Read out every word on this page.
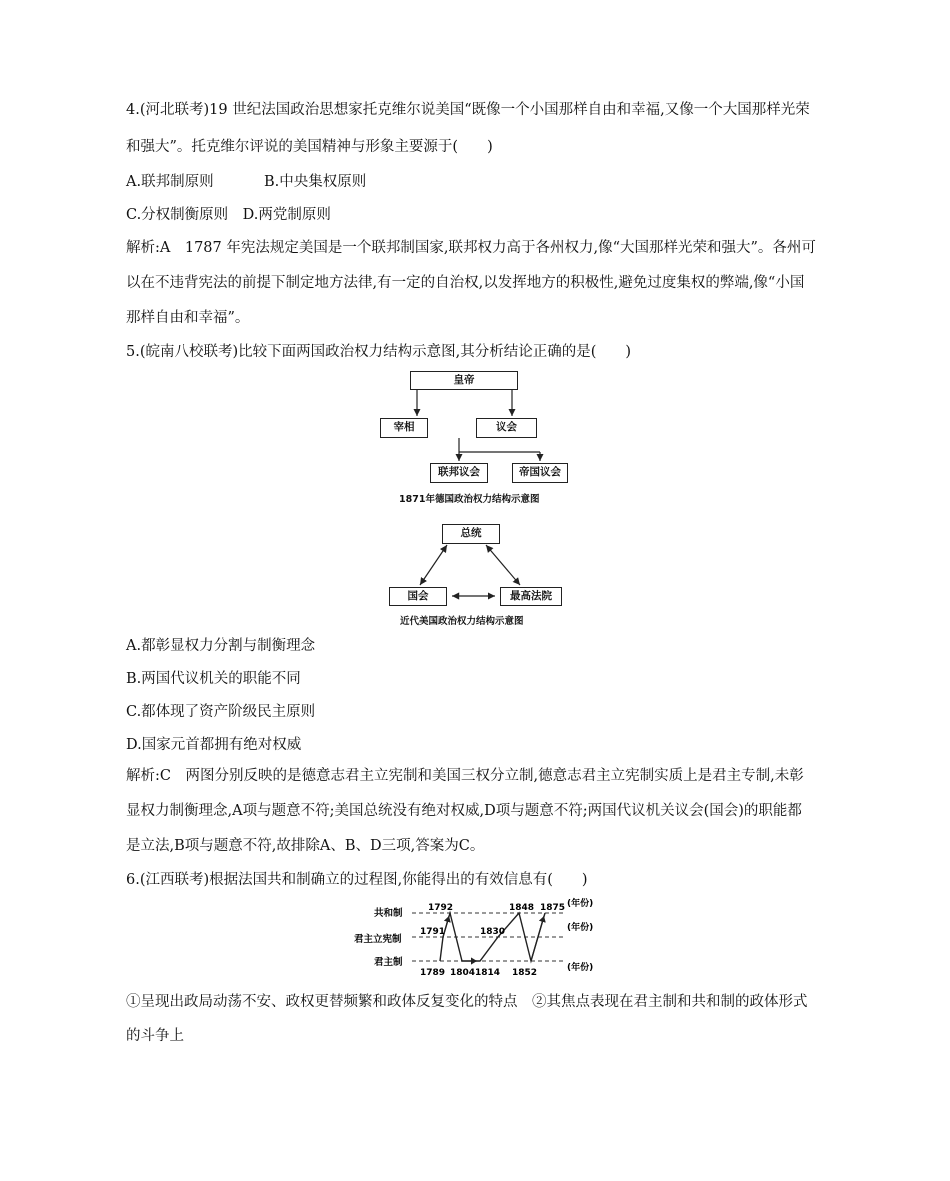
4.(河北联考)19 世纪法国政治思想家托克维尔说美国“既像一个小国那样自由和幸福,又像一个大国那样光荣
和强大”。托克维尔评说的美国精神与形象主要源于(　　)
A.联邦制原则	B.中央集权原则
C.分权制衡原则　D.两党制原则
解析:A　1787 年宪法规定美国是一个联邦制国家,联邦权力高于各州权力,像“大国那样光荣和强大”。各州可
以在不违背宪法的前提下制定地方法律,有一定的自治权,以发挥地方的积极性,避免过度集权的弊端,像“小国
那样自由和幸福”。
5.(皖南八校联考)比较下面两国政治权力结构示意图,其分析结论正确的是(　　)
皇帝
宰相	议会
联邦议会	帝国议会
1871年德国政治权力结构示意图
总统
国会	最高法院
近代美国政治权力结构示意图
A.都彰显权力分割与制衡理念
B.两国代议机关的职能不同
C.都体现了资产阶级民主原则
D.国家元首都拥有绝对权威
解析:C　两图分别反映的是德意志君主立宪制和美国三权分立制,德意志君主立宪制实质上是君主专制,未彰
显权力制衡理念,A项与题意不符;美国总统没有绝对权威,D项与题意不符;两国代议机关议会(国会)的职能都
是立法,B项与题意不符,故排除A、B、D三项,答案为C。
6.(江西联考)根据法国共和制确立的过程图,你能得出的有效信息有(　　)
共和制
君主立宪制
君主制
(年份)
(年份)
(年份)
1789
1791
1792
1804 1814
1830
1848
1852
1875
①呈现出政局动荡不安、政权更替频繁和政体反复变化的特点　②其焦点表现在君主制和共和制的政体形式
的斗争上
